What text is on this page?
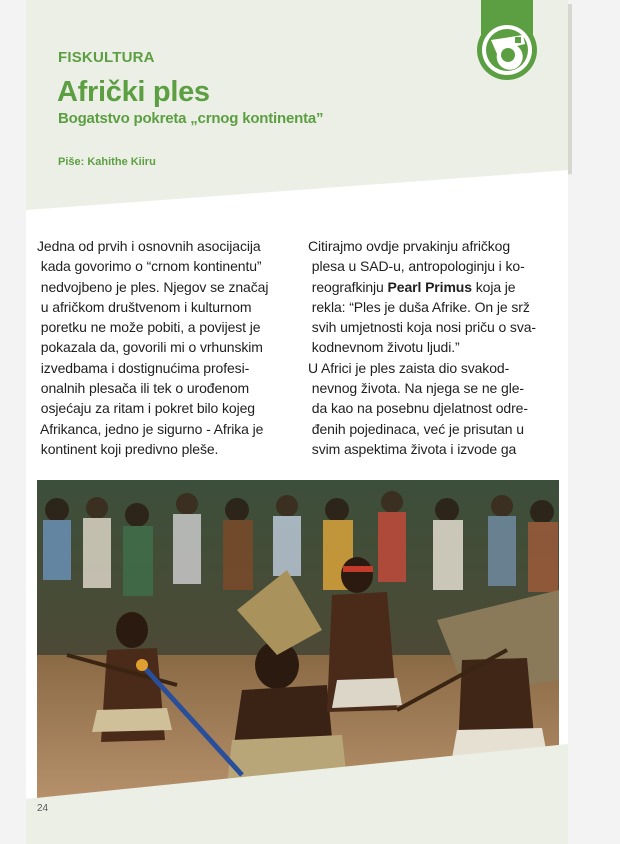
FISKULTURA
Afrički ples
Bogatstvo pokreta „crnog kontinenta”
Piše: Kahithe Kiiru
Jedna od prvih i osnovnih asocijacija
kada govorimo o “crnom kontinentu”
nedvojbeno je ples. Njegov se značaj
u afričkom društvenom i kulturnom
poretku ne može pobiti, a povijest je
pokazala da, govorili mi o vrhunskim
izvedbama i dostignućima profesi-
onalnih plesača ili tek o urođenom
osjećaju za ritam i pokret bilo kojeg
Afrikanca, jedno je sigurno - Afrika je
kontinent koji predivno pleše.
Citirajmo ovdje prvakinju afričkog
plesa u SAD-u, antropologinju i ko-
reografkinju Pearl Primus koja je
rekla: “Ples je duša Afrike. On je srž
svih umjetnosti koja nosi priču o sva-
kodnevnom životu ljudi.”
U Africi je ples zaista dio svakod-
nevnog života. Na njega se ne gle-
da kao na posebnu djelatnost odre-
đenih pojedinaca, već je prisutan u
svim aspektima života i izvode ga
24
